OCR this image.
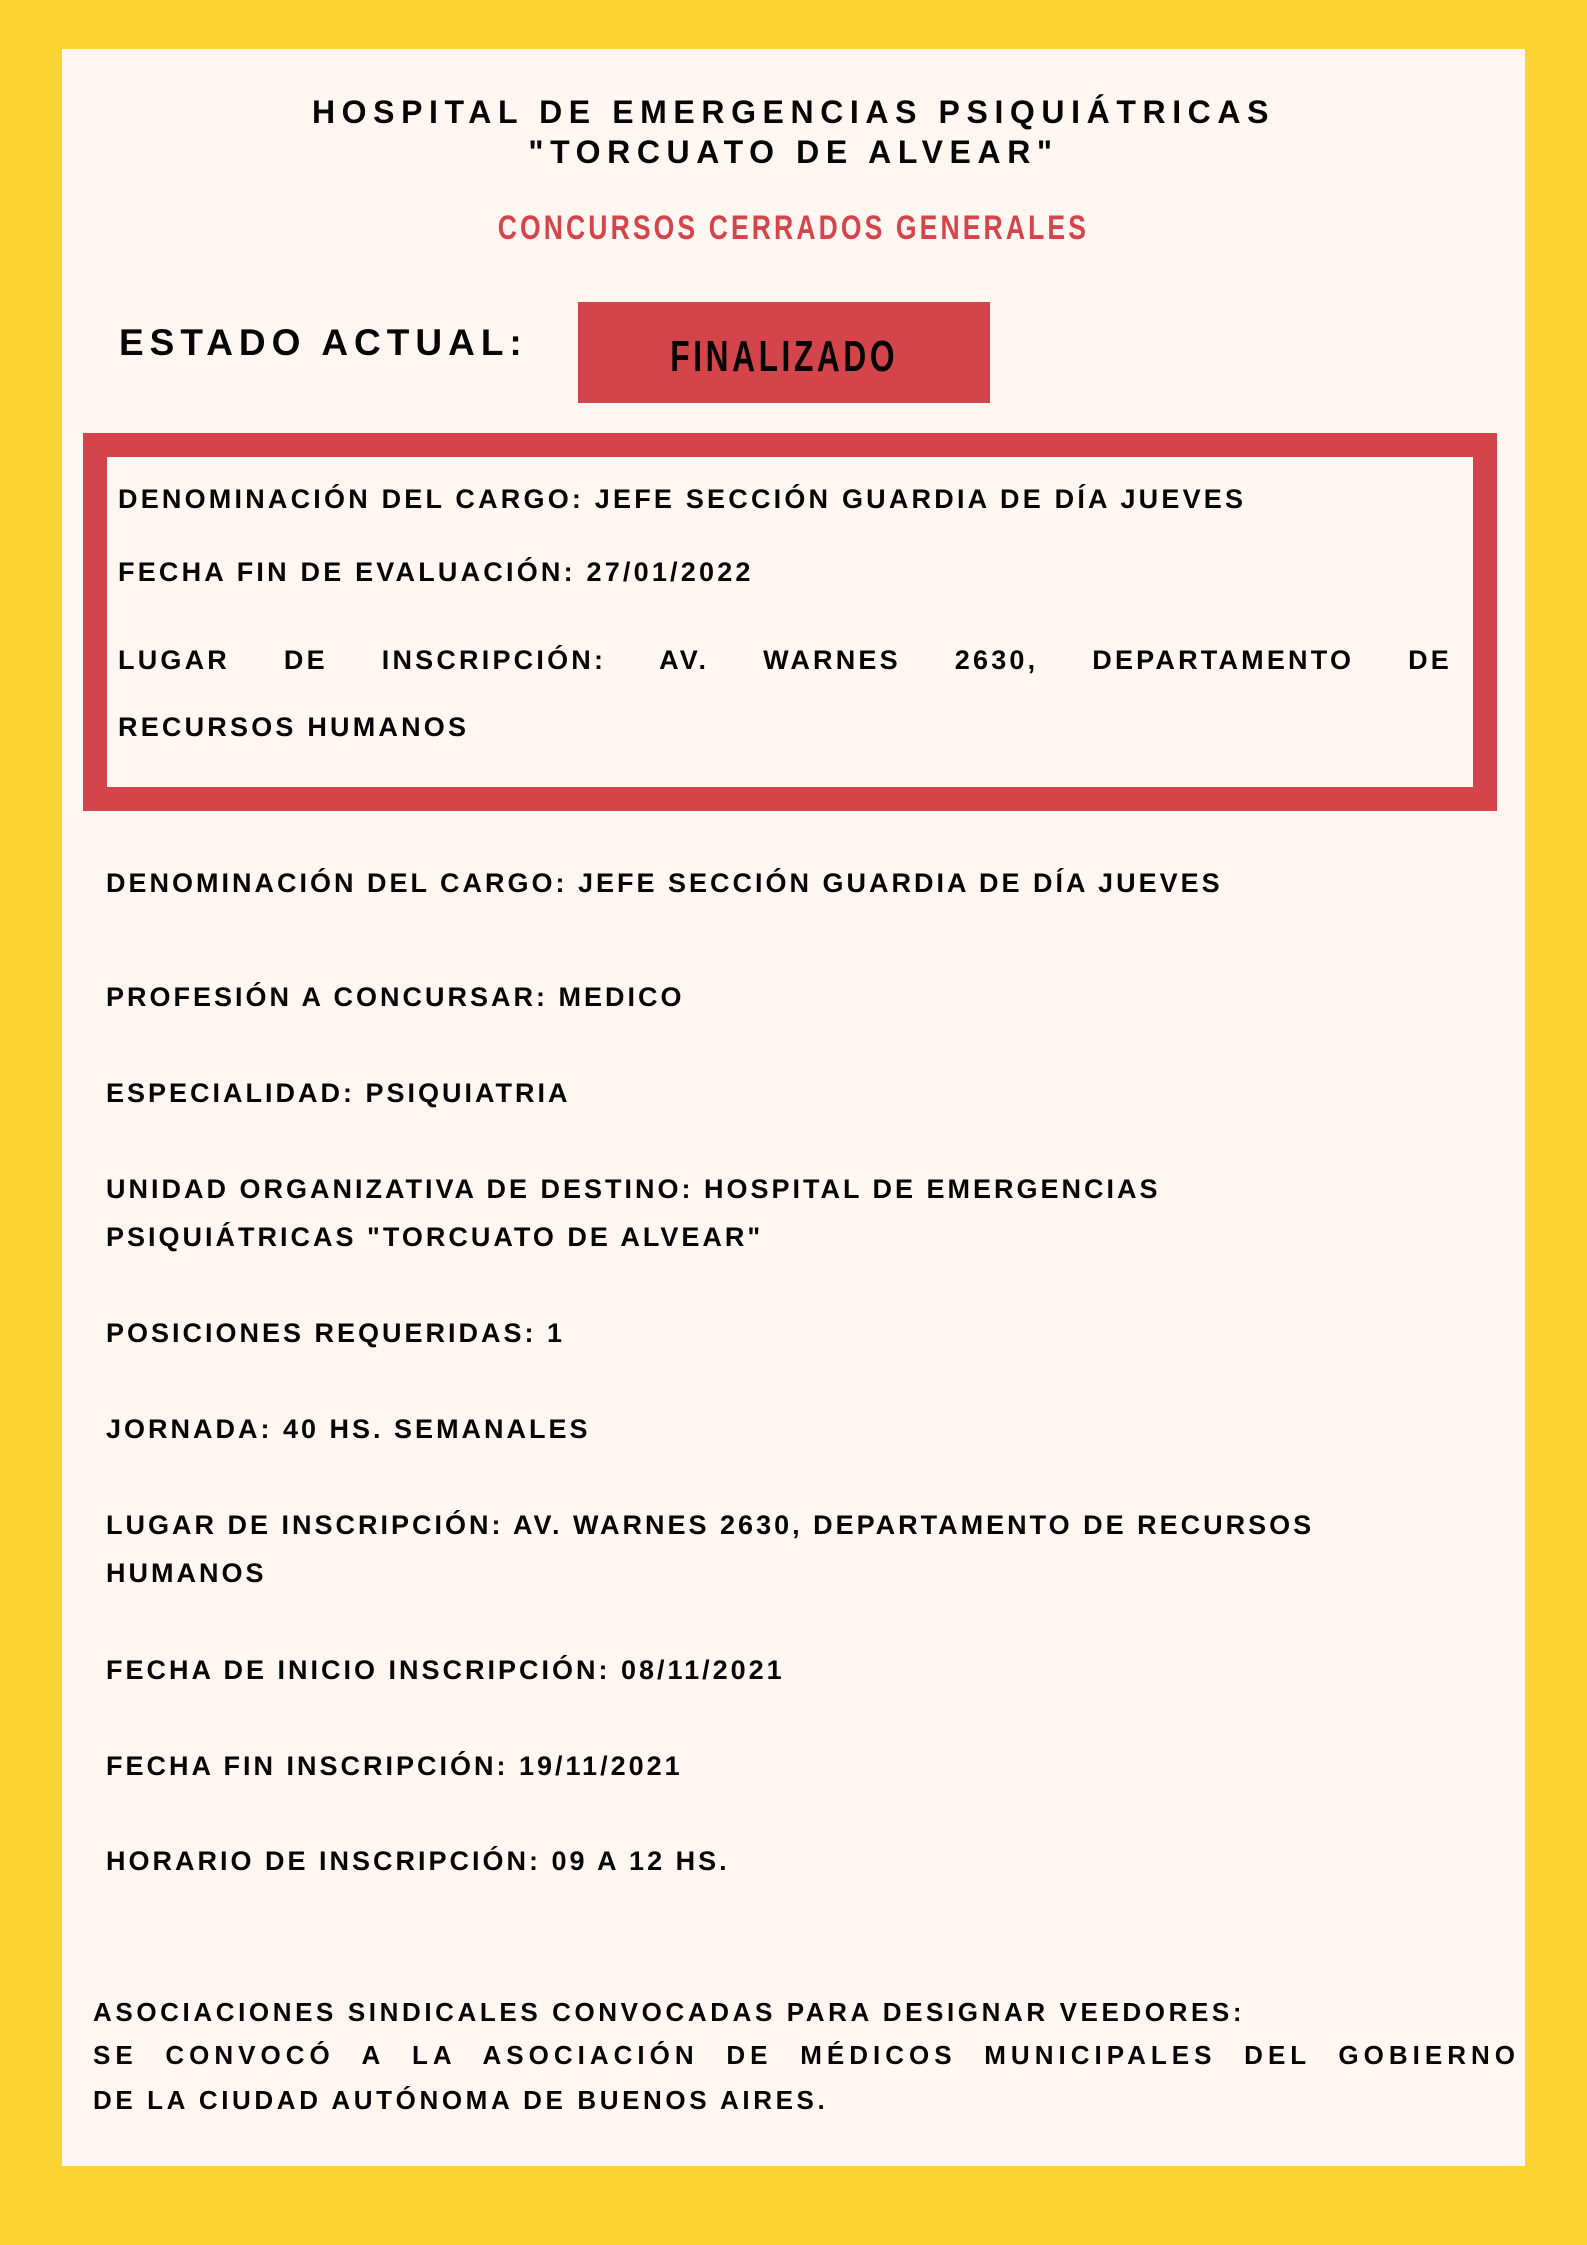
HOSPITAL DE EMERGENCIAS PSIQUIÁTRICAS
"TORCUATO DE ALVEAR"
CONCURSOS CERRADOS GENERALES
ESTADO ACTUAL:	FINALIZADO
DENOMINACIÓN DEL CARGO: JEFE SECCIÓN GUARDIA DE DÍA JUEVES
FECHA FIN DE EVALUACIÓN: 27/01/2022
LUGAR DE INSCRIPCIÓN: AV. WARNES 2630, DEPARTAMENTO DE
RECURSOS HUMANOS
DENOMINACIÓN DEL CARGO: JEFE SECCIÓN GUARDIA DE DÍA JUEVES
PROFESIÓN A CONCURSAR: MEDICO
ESPECIALIDAD: PSIQUIATRIA
UNIDAD ORGANIZATIVA DE DESTINO: HOSPITAL DE EMERGENCIAS
PSIQUIÁTRICAS "TORCUATO DE ALVEAR"
POSICIONES REQUERIDAS: 1
JORNADA: 40 HS. SEMANALES
LUGAR DE INSCRIPCIÓN: AV. WARNES 2630, DEPARTAMENTO DE RECURSOS
HUMANOS
FECHA DE INICIO INSCRIPCIÓN: 08/11/2021
FECHA FIN INSCRIPCIÓN: 19/11/2021
HORARIO DE INSCRIPCIÓN: 09 A 12 HS.
ASOCIACIONES SINDICALES CONVOCADAS PARA DESIGNAR VEEDORES:
SE CONVOCÓ A LA ASOCIACIÓN DE MÉDICOS MUNICIPALES DEL GOBIERNO
DE LA CIUDAD AUTÓNOMA DE BUENOS AIRES.
